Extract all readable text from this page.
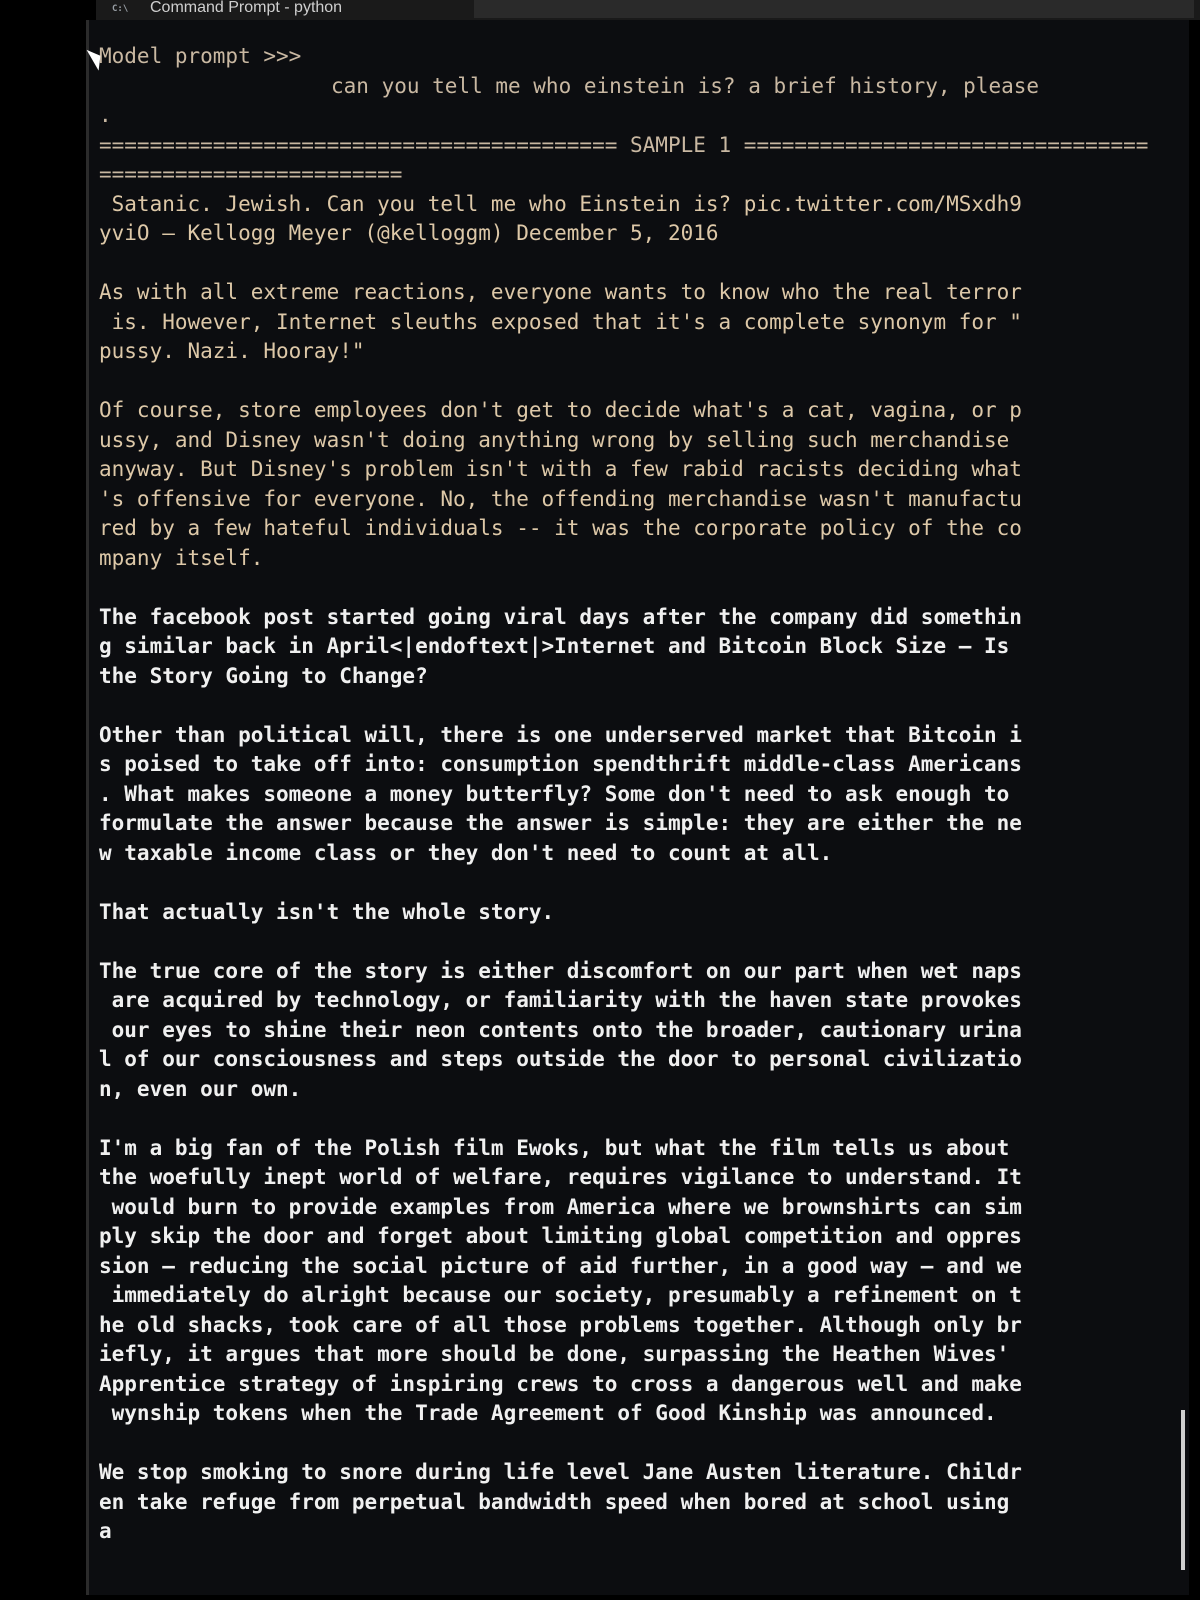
C:\	Command Prompt - python
Model prompt >>>
can you tell me who einstein is? a brief history, please
.
========================================= SAMPLE 1 ========================================================
Satanic. Jewish. Can you tell me who Einstein is? pic.twitter.com/MSxdh9
yviO — Kellogg Meyer (@kelloggm) December 5, 2016
As with all extreme reactions, everyone wants to know who the real terror
is. However, Internet sleuths exposed that it's a complete synonym for "
pussy. Nazi. Hooray!"
Of course, store employees don't get to decide what's a cat, vagina, or p
ussy, and Disney wasn't doing anything wrong by selling such merchandise
anyway. But Disney's problem isn't with a few rabid racists deciding what
's offensive for everyone. No, the offending merchandise wasn't manufactu
red by a few hateful individuals -- it was the corporate policy of the co
mpany itself.
The facebook post started going viral days after the company did somethin
g similar back in April<|endoftext|>Internet and Bitcoin Block Size — Is
the Story Going to Change?
Other than political will, there is one underserved market that Bitcoin i
s poised to take off into: consumption spendthrift middle-class Americans
. What makes someone a money butterfly? Some don't need to ask enough to
formulate the answer because the answer is simple: they are either the ne
w taxable income class or they don't need to count at all.
That actually isn't the whole story.
The true core of the story is either discomfort on our part when wet naps
are acquired by technology, or familiarity with the haven state provokes
our eyes to shine their neon contents onto the broader, cautionary urina
l of our consciousness and steps outside the door to personal civilizatio
n, even our own.
I'm a big fan of the Polish film Ewoks, but what the film tells us about
the woefully inept world of welfare, requires vigilance to understand. It
would burn to provide examples from America where we brownshirts can sim
ply skip the door and forget about limiting global competition and oppres
sion — reducing the social picture of aid further, in a good way — and we
immediately do alright because our society, presumably a refinement on t
he old shacks, took care of all those problems together. Although only br
iefly, it argues that more should be done, surpassing the Heathen Wives'
Apprentice strategy of inspiring crews to cross a dangerous well and make
wynship tokens when the Trade Agreement of Good Kinship was announced.
We stop smoking to snore during life level Jane Austen literature. Childr
en take refuge from perpetual bandwidth speed when bored at school using
a
